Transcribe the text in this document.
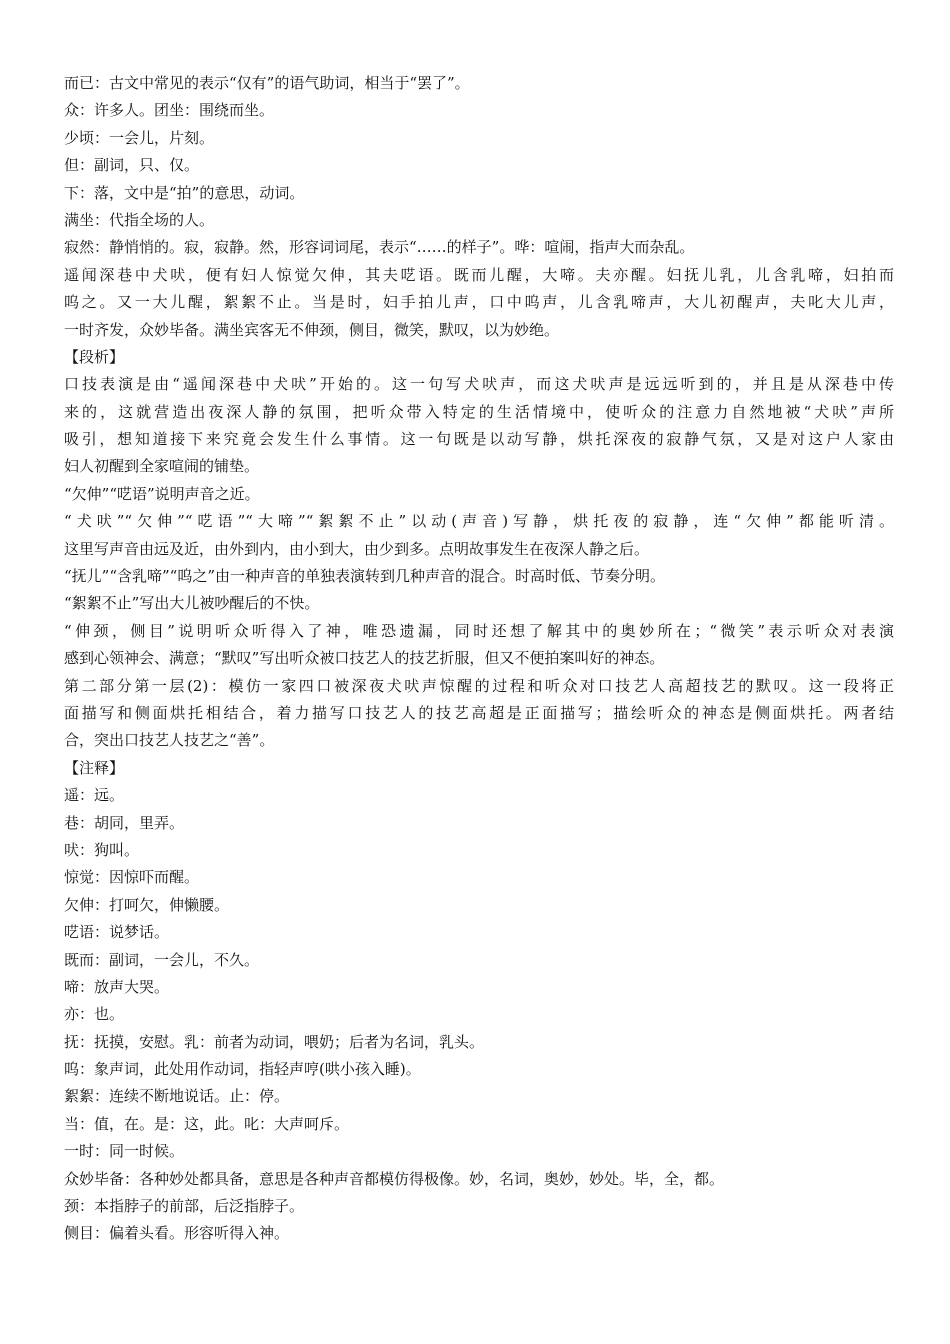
而已：古文中常见的表示“仅有”的语气助词，相当于“罢了”。
众：许多人。团坐：围绕而坐。
少顷：一会儿，片刻。
但：副词，只、仅。
下：落，文中是“拍”的意思，动词。
满坐：代指全场的人。
寂然：静悄悄的。寂，寂静。然，形容词词尾，表示“……的样子”。哗：喧闹，指声大而杂乱。
遥闻深巷中犬吠，便有妇人惊觉欠伸，其夫呓语。既而儿醒，大啼。夫亦醒。妇抚儿乳，儿含乳啼，妇拍而
呜之。又一大儿醒，絮絮不止。当是时，妇手拍儿声，口中呜声，儿含乳啼声，大儿初醒声，夫叱大儿声，
一时齐发，众妙毕备。满坐宾客无不伸颈，侧目，微笑，默叹，以为妙绝。
【段析】
口技表演是由“遥闻深巷中犬吠”开始的。这一句写犬吠声，而这犬吠声是远远听到的，并且是从深巷中传
来的，这就营造出夜深人静的氛围，把听众带入特定的生活情境中，使听众的注意力自然地被“犬吠”声所
吸引，想知道接下来究竟会发生什么事情。这一句既是以动写静，烘托深夜的寂静气氛，又是对这户人家由
妇人初醒到全家喧闹的铺垫。
“欠伸”“呓语”说明声音之近。
“犬吠”“欠伸”“呓语”“大啼”“絮絮不止”以动(声音)写静，烘托夜的寂静，连“欠伸”都能听清。
这里写声音由远及近，由外到内，由小到大，由少到多。点明故事发生在夜深人静之后。
“抚儿”“含乳啼”“呜之”由一种声音的单独表演转到几种声音的混合。时高时低、节奏分明。
“絮絮不止”写出大儿被吵醒后的不快。
“伸颈，侧目”说明听众听得入了神，唯恐遗漏，同时还想了解其中的奥妙所在；“微笑”表示听众对表演
感到心领神会、满意；“默叹”写出听众被口技艺人的技艺折服，但又不便拍案叫好的神态。
第二部分第一层(2)：模仿一家四口被深夜犬吠声惊醒的过程和听众对口技艺人高超技艺的默叹。这一段将正
面描写和侧面烘托相结合，着力描写口技艺人的技艺高超是正面描写；描绘听众的神态是侧面烘托。两者结
合，突出口技艺人技艺之“善”。
【注释】
遥：远。
巷：胡同，里弄。
吠：狗叫。
惊觉：因惊吓而醒。
欠伸：打呵欠，伸懒腰。
呓语：说梦话。
既而：副词，一会儿，不久。
啼：放声大哭。
亦：也。
抚：抚摸，安慰。乳：前者为动词，喂奶；后者为名词，乳头。
呜：象声词，此处用作动词，指轻声哼(哄小孩入睡)。
絮絮：连续不断地说话。止：停。
当：值，在。是：这，此。叱：大声呵斥。
一时：同一时候。
众妙毕备：各种妙处都具备，意思是各种声音都模仿得极像。妙，名词，奥妙，妙处。毕，全，都。
颈：本指脖子的前部，后泛指脖子。
侧目：偏着头看。形容听得入神。
